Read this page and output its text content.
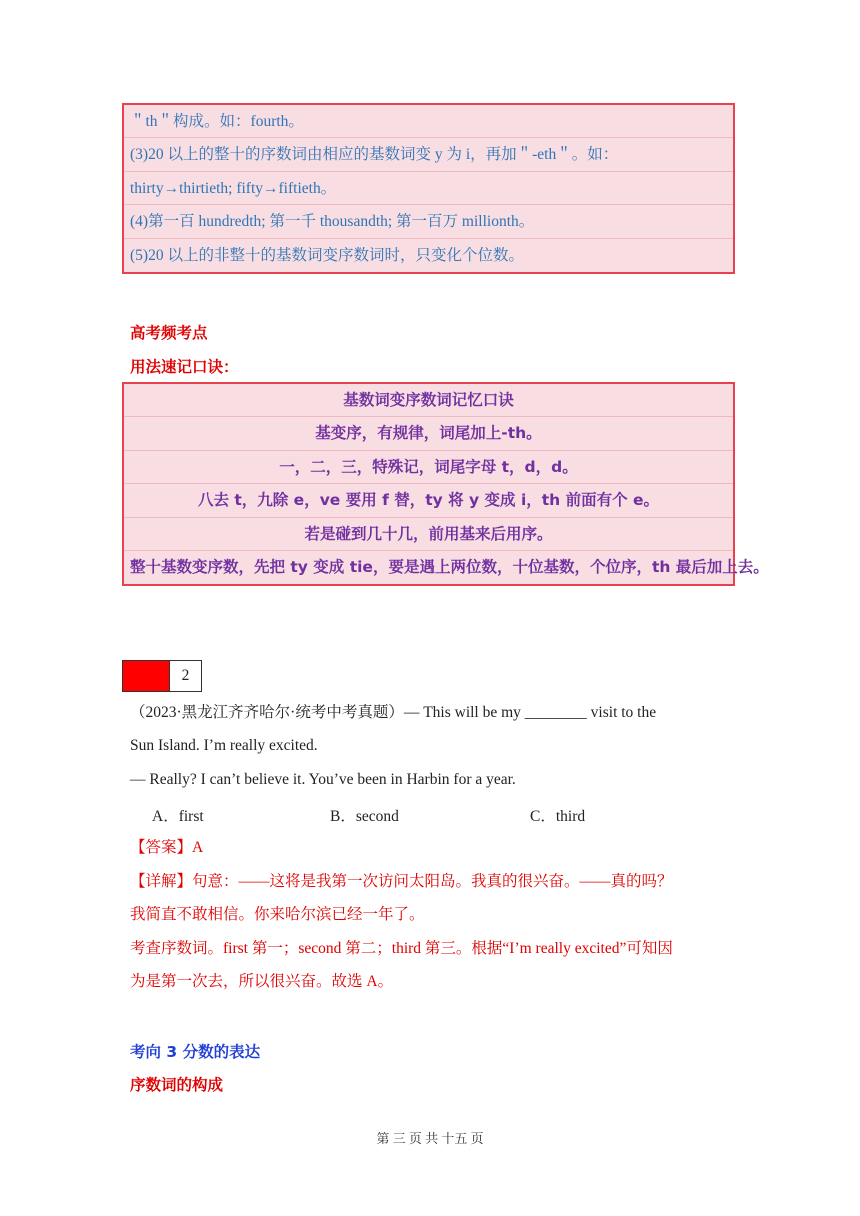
＂th＂构成。如：fourth。
(3)20 以上的整十的序数词由相应的基数词变 y 为 i，再加＂-eth＂。如：
thirty→thirtieth; fifty→fiftieth。
(4)第一百 hundredth; 第一千 thousandth; 第一百万 millionth。
(5)20 以上的非整十的基数词变序数词时，只变化个位数。
高考频考点
用法速记口诀：
基数词变序数词记忆口诀
基变序，有规律，词尾加上-th。
一，二，三，特殊记，词尾字母 t，d，d。
八去 t，九除 e，ve 要用 f 替，ty 将 y 变成 i，th 前面有个 e。
若是碰到几十几，前用基来后用序。
整十基数变序数，先把 ty 变成 tie，要是遇上两位数，十位基数，个位序，th 最后加上去。
2
（2023·黑龙江齐齐哈尔·统考中考真题）— This will be my ________ visit to the
Sun Island. I’m really excited.
— Really? I can’t believe it. You’ve been in Harbin for a year.
A．first	B．second	C．third
【答案】A
【详解】句意：——这将是我第一次访问太阳岛。我真的很兴奋。——真的吗？
我简直不敢相信。你来哈尔滨已经一年了。
考查序数词。first 第一；second 第二；third 第三。根据“I’m really excited”可知因
为是第一次去，所以很兴奋。故选 A。
考向 3 分数的表达
序数词的构成
第 三 页 共 十五 页
